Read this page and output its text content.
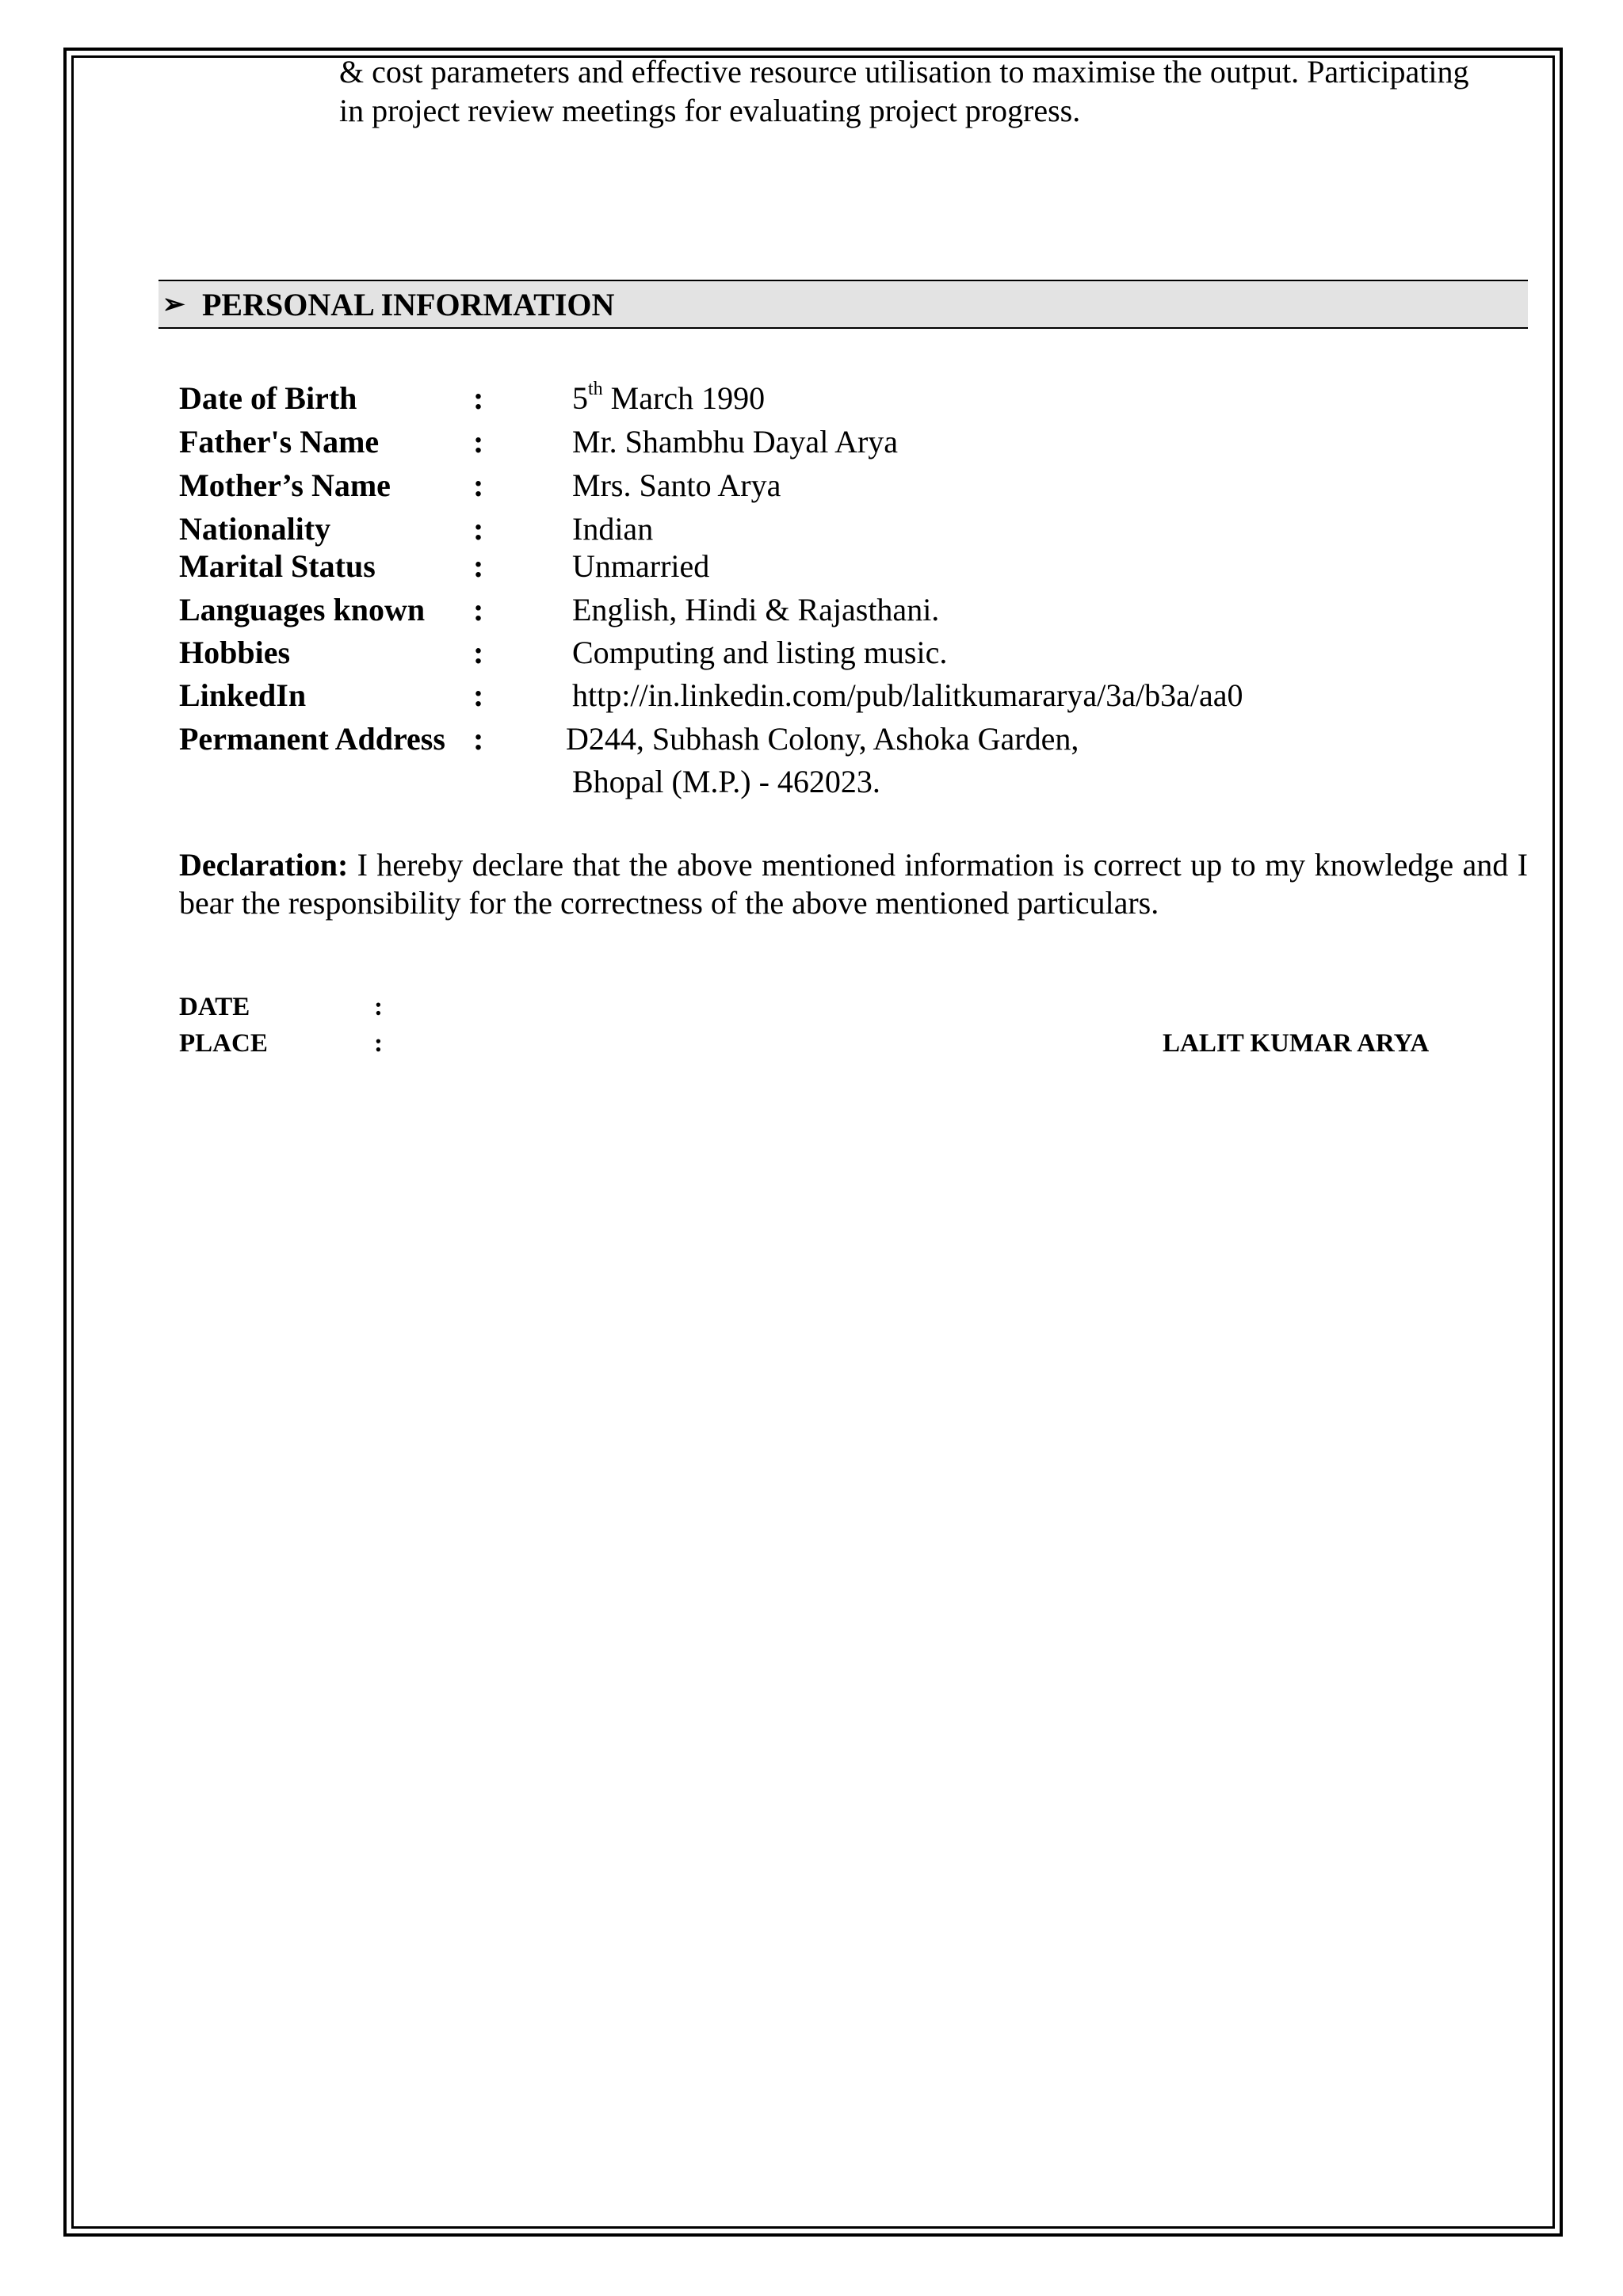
& cost parameters and effective resource utilisation to maximise the output. Participating
in project review meetings for evaluating project progress.
➢ PERSONAL INFORMATION
Date of Birth	:	5th March 1990
Father's Name	:	Mr. Shambhu Dayal Arya
Mother’s Name	:	Mrs. Santo Arya
Nationality	:	Indian
Marital Status	:	Unmarried
Languages known :	English, Hindi & Rajasthani.
Hobbies	:	Computing and listing music.
LinkedIn	:	http://in.linkedin.com/pub/lalitkumararya/3a/b3a/aa0
Permanent Address :	D244, Subhash Colony, Ashoka Garden,
Bhopal (M.P.) - 462023.
Declaration: I hereby declare that the above mentioned information is correct up to my knowledge and I bear the responsibility for the correctness of the above mentioned particulars.
DATE	:
PLACE	:	LALIT KUMAR ARYA
